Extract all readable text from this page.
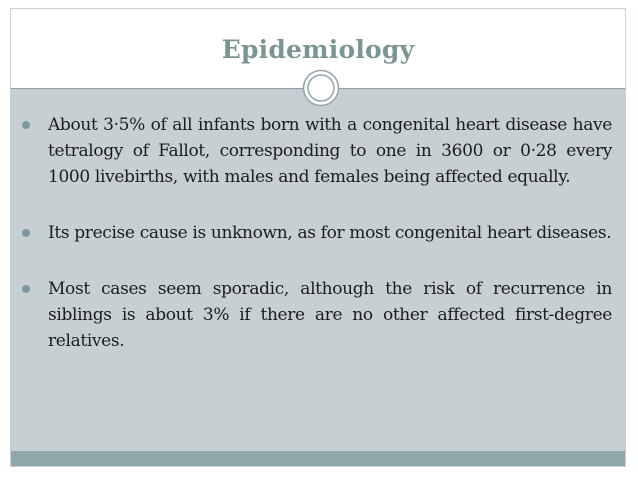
Epidemiology
About 3·5% of all infants born with a congenital heart disease have tetralogy of Fallot, corresponding to one in 3600 or 0·28 every 1000 livebirths, with males and females being affected equally.
Its precise cause is unknown, as for most congenital heart diseases.
Most cases seem sporadic, although the risk of recurrence in siblings is about 3% if there are no other affected first-degree relatives.
